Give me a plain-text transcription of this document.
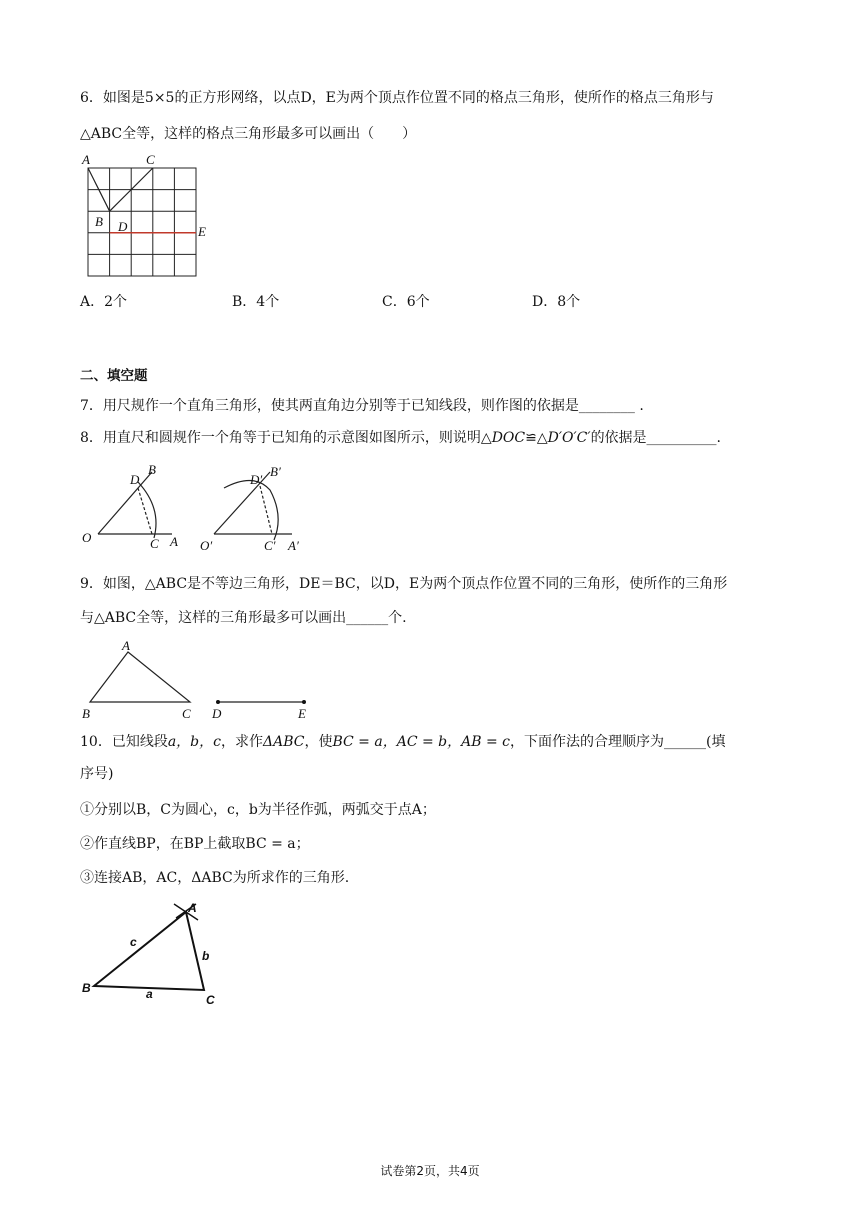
6．如图是5×5的正方形网络，以点D，E为两个顶点作位置不同的格点三角形，使所作的格点三角形与
△ABC全等，这样的格点三角形最多可以画出（　　）
A	C
B D	E
A．2个	B．4个	C．6个	D．8个
二、填空题
7．用尺规作一个直角三角形，使其两直角边分别等于已知线段，则作图的依据是________ .
8．用直尺和圆规作一个角等于已知角的示意图如图所示，则说明△DOC≌△D′O′C′的依据是__________.
O	C A
D
B
O′	C′ A′
D′
B′
9．如图，△ABC是不等边三角形，DE＝BC，以D，E为两个顶点作位置不同的三角形，使所作的三角形
与△ABC全等，这样的三角形最多可以画出______个.
A
B	C D	E
10．已知线段a，b，c，求作ΔABC，使BC = a，AC = b，AB = c，下面作法的合理顺序为______(填
序号)
①分别以B，C为圆心，c，b为半径作弧，两弧交于点A；
②作直线BP，在BP上截取BC = a；
③连接AB，AC，ΔABC为所求作的三角形.
B
A
C
a
b
c
试卷第2页，共4页
